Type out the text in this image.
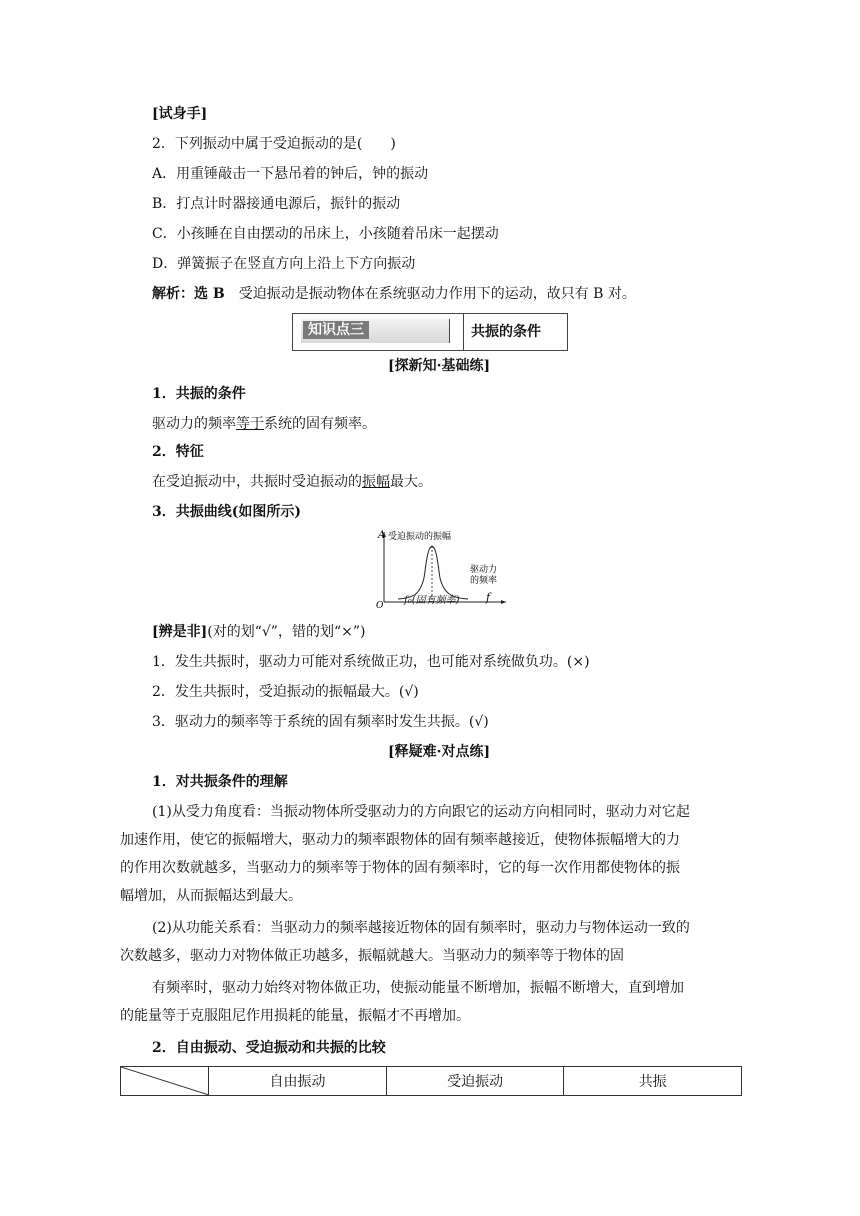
[试身手]
2．下列振动中属于受迫振动的是(　　)
A．用重锤敲击一下悬吊着的钟后，钟的振动
B．打点计时器接通电源后，振针的振动
C．小孩睡在自由摆动的吊床上，小孩随着吊床一起摆动
D．弹簧振子在竖直方向上沿上下方向振动
解析：选 B　受迫振动是振动物体在系统驱动力作用下的运动，故只有 B 对。
知识点三	共振的条件
[探新知·基础练]
1．共振的条件
驱动力的频率等于系统的固有频率。
2．特征
在受迫振动中，共振时受迫振动的振幅最大。
3．共振曲线(如图所示)
A 受迫振动的振幅
O
驱动力
的频率
f₀(固有频率) f
[辨是非](对的划“√”，错的划“×”)
1．发生共振时，驱动力可能对系统做正功，也可能对系统做负功。(×)
2．发生共振时，受迫振动的振幅最大。(√)
3．驱动力的频率等于系统的固有频率时发生共振。(√)
[释疑难·对点练]
1．对共振条件的理解
(1)从受力角度看：当振动物体所受驱动力的方向跟它的运动方向相同时，驱动力对它起
加速作用，使它的振幅增大，驱动力的频率跟物体的固有频率越接近，使物体振幅增大的力
的作用次数就越多，当驱动力的频率等于物体的固有频率时，它的每一次作用都使物体的振
幅增加，从而振幅达到最大。
(2)从功能关系看：当驱动力的频率越接近物体的固有频率时，驱动力与物体运动一致的
次数越多，驱动力对物体做正功越多，振幅就越大。当驱动力的频率等于物体的固
有频率时，驱动力始终对物体做正功，使振动能量不断增加，振幅不断增大，直到增加
的能量等于克服阻尼作用损耗的能量，振幅才不再增加。
2．自由振动、受迫振动和共振的比较
	自由振动	受迫振动	共振
